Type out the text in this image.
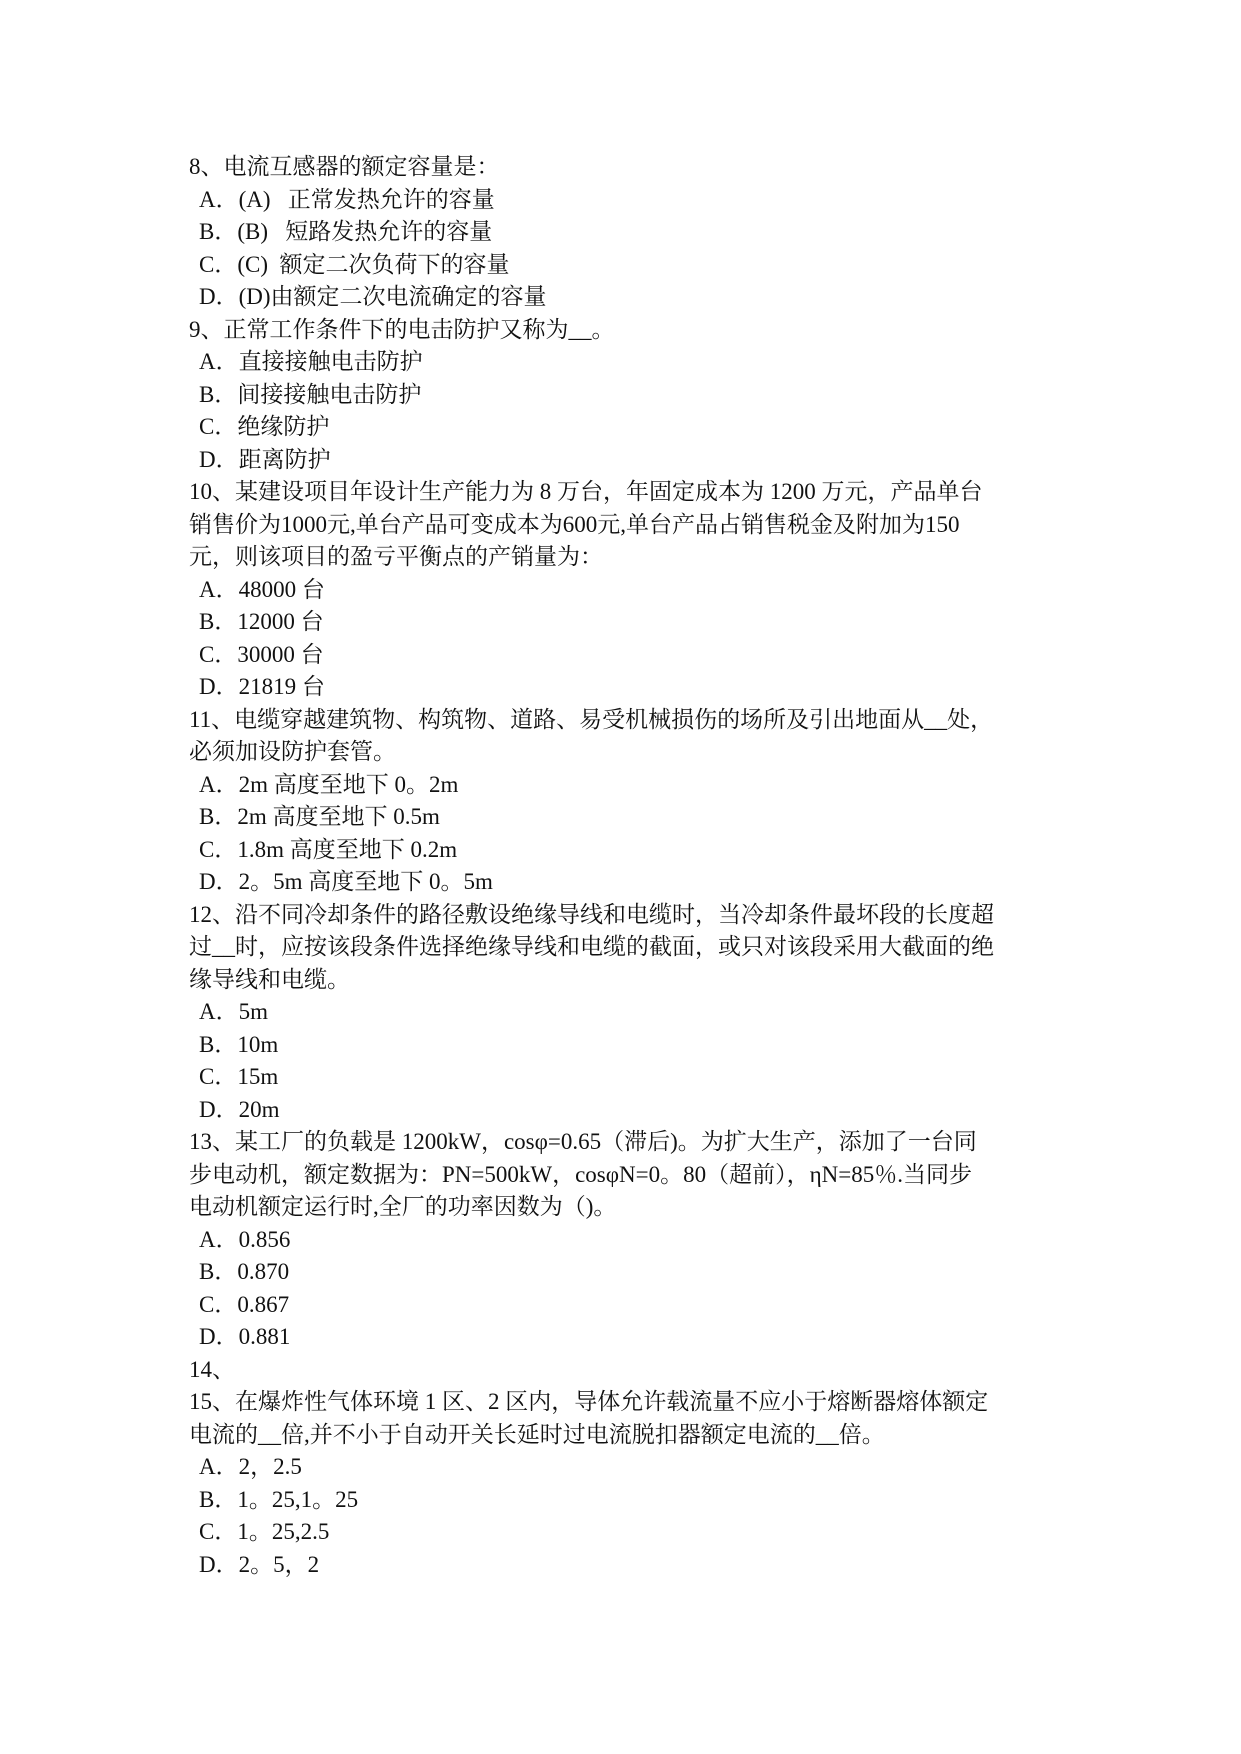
8、电流互感器的额定容量是：
A．(A)   正常发热允许的容量
B．(B)   短路发热允许的容量
C．(C)  额定二次负荷下的容量
D．(D)由额定二次电流确定的容量
9、正常工作条件下的电击防护又称为__。
A．直接接触电击防护
B．间接接触电击防护
C．绝缘防护
D．距离防护
10、某建设项目年设计生产能力为 8 万台，年固定成本为 1200 万元，产品单台
销售价为1000元,单台产品可变成本为600元,单台产品占销售税金及附加为150
元，则该项目的盈亏平衡点的产销量为：
A．48000 台
B．12000 台
C．30000 台
D．21819 台
11、电缆穿越建筑物、构筑物、道路、易受机械损伤的场所及引出地面从__处，
必须加设防护套管。
A．2m 高度至地下 0。2m
B．2m 高度至地下 0.5m
C．1.8m 高度至地下 0.2m
D．2。5m 高度至地下 0。5m
12、沿不同冷却条件的路径敷设绝缘导线和电缆时，当冷却条件最坏段的长度超
过__时，应按该段条件选择绝缘导线和电缆的截面，或只对该段采用大截面的绝
缘导线和电缆。
A．5m
B．10m
C．15m
D．20m
13、某工厂的负载是 1200kW，cosφ=0.65（滞后)。为扩大生产，添加了一台同
步电动机，额定数据为：PN=500kW，cosφN=0。80（超前），ηN=85％.当同步
电动机额定运行时,全厂的功率因数为（)。
A．0.856
B．0.870
C．0.867
D．0.881
14、
15、在爆炸性气体环境 1 区、2 区内，导体允许载流量不应小于熔断器熔体额定
电流的__倍,并不小于自动开关长延时过电流脱扣器额定电流的__倍。
A．2，2.5
B．1。25,1。25
C．1。25,2.5
D．2。5，2
